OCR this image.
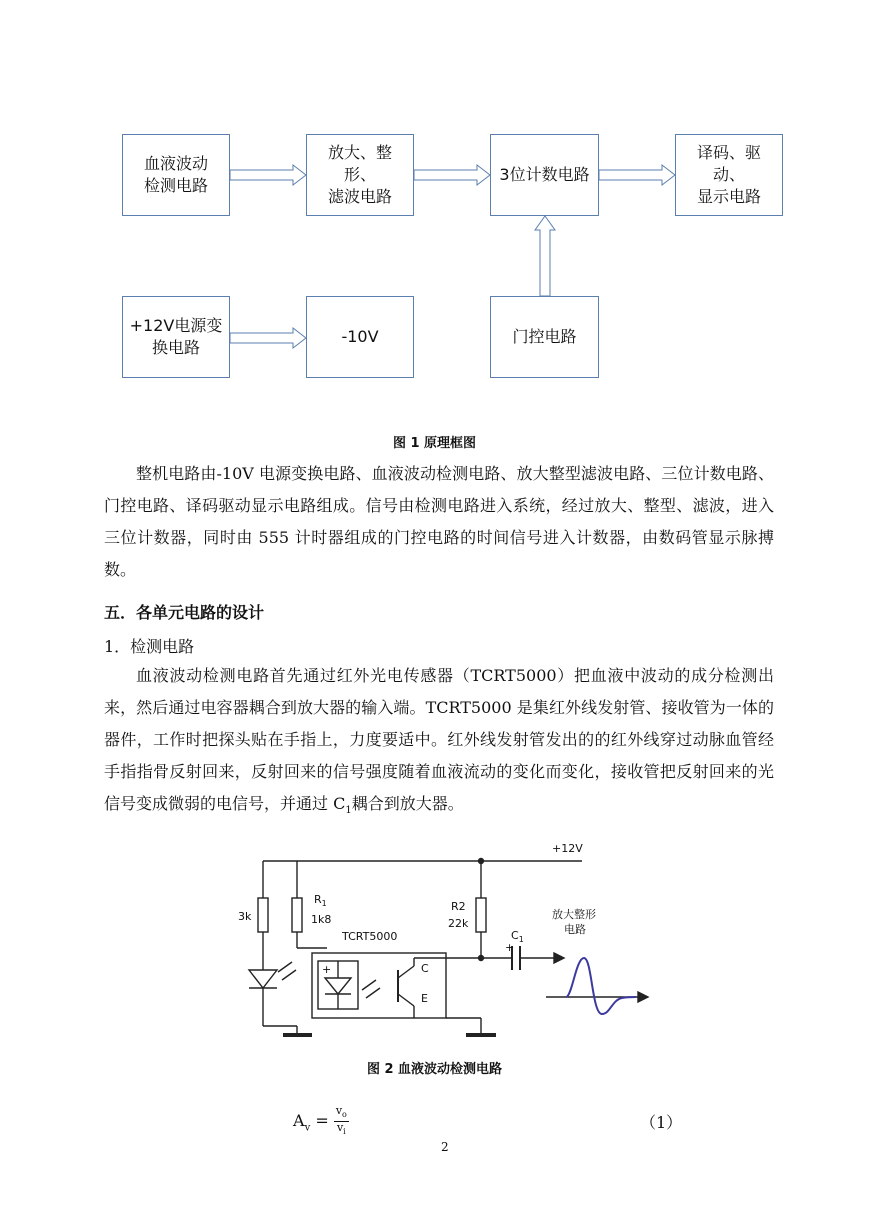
血液波动
检测电路
放大、整
形、
滤波电路
3位计数电路
译码、驱
动、
显示电路
+12V电源变
换电路
-10V	门控电路
图 1 原理框图

整机电路由-10V 电源变换电路、血液波动检测电路、放大整型滤波电路、三位计数电路、门控电路、译码驱动显示电路组成。信号由检测电路进入系统，经过放大、整型、滤波，进入三位计数器，同时由 555 计时器组成的门控电路的时间信号进入计数器，由数码管显示脉搏数。

五．各单元电路的设计
1．检测电路

血液波动检测电路首先通过红外光电传感器（TCRT5000）把血液中波动的成分检测出来，然后通过电容器耦合到放大器的输入端。TCRT5000 是集红外线发射管、接收管为一体的器件，工作时把探头贴在手指上，力度要适中。红外线发射管发出的的红外线穿过动脉血管经手指指骨反射回来，反射回来的信号强度随着血液流动的变化而变化，接收管把反射回来的光信号变成微弱的电信号，并通过 $C_1$耦合到放大器。

+12V
3k
$R_1$
1k8
TCRT5000
+	C
E
R2
22k
+
$C_1$
放大整形
电路
图 2 血液波动检测电路
$A_v = \frac{v_o}{v_i}$	（1）
2
